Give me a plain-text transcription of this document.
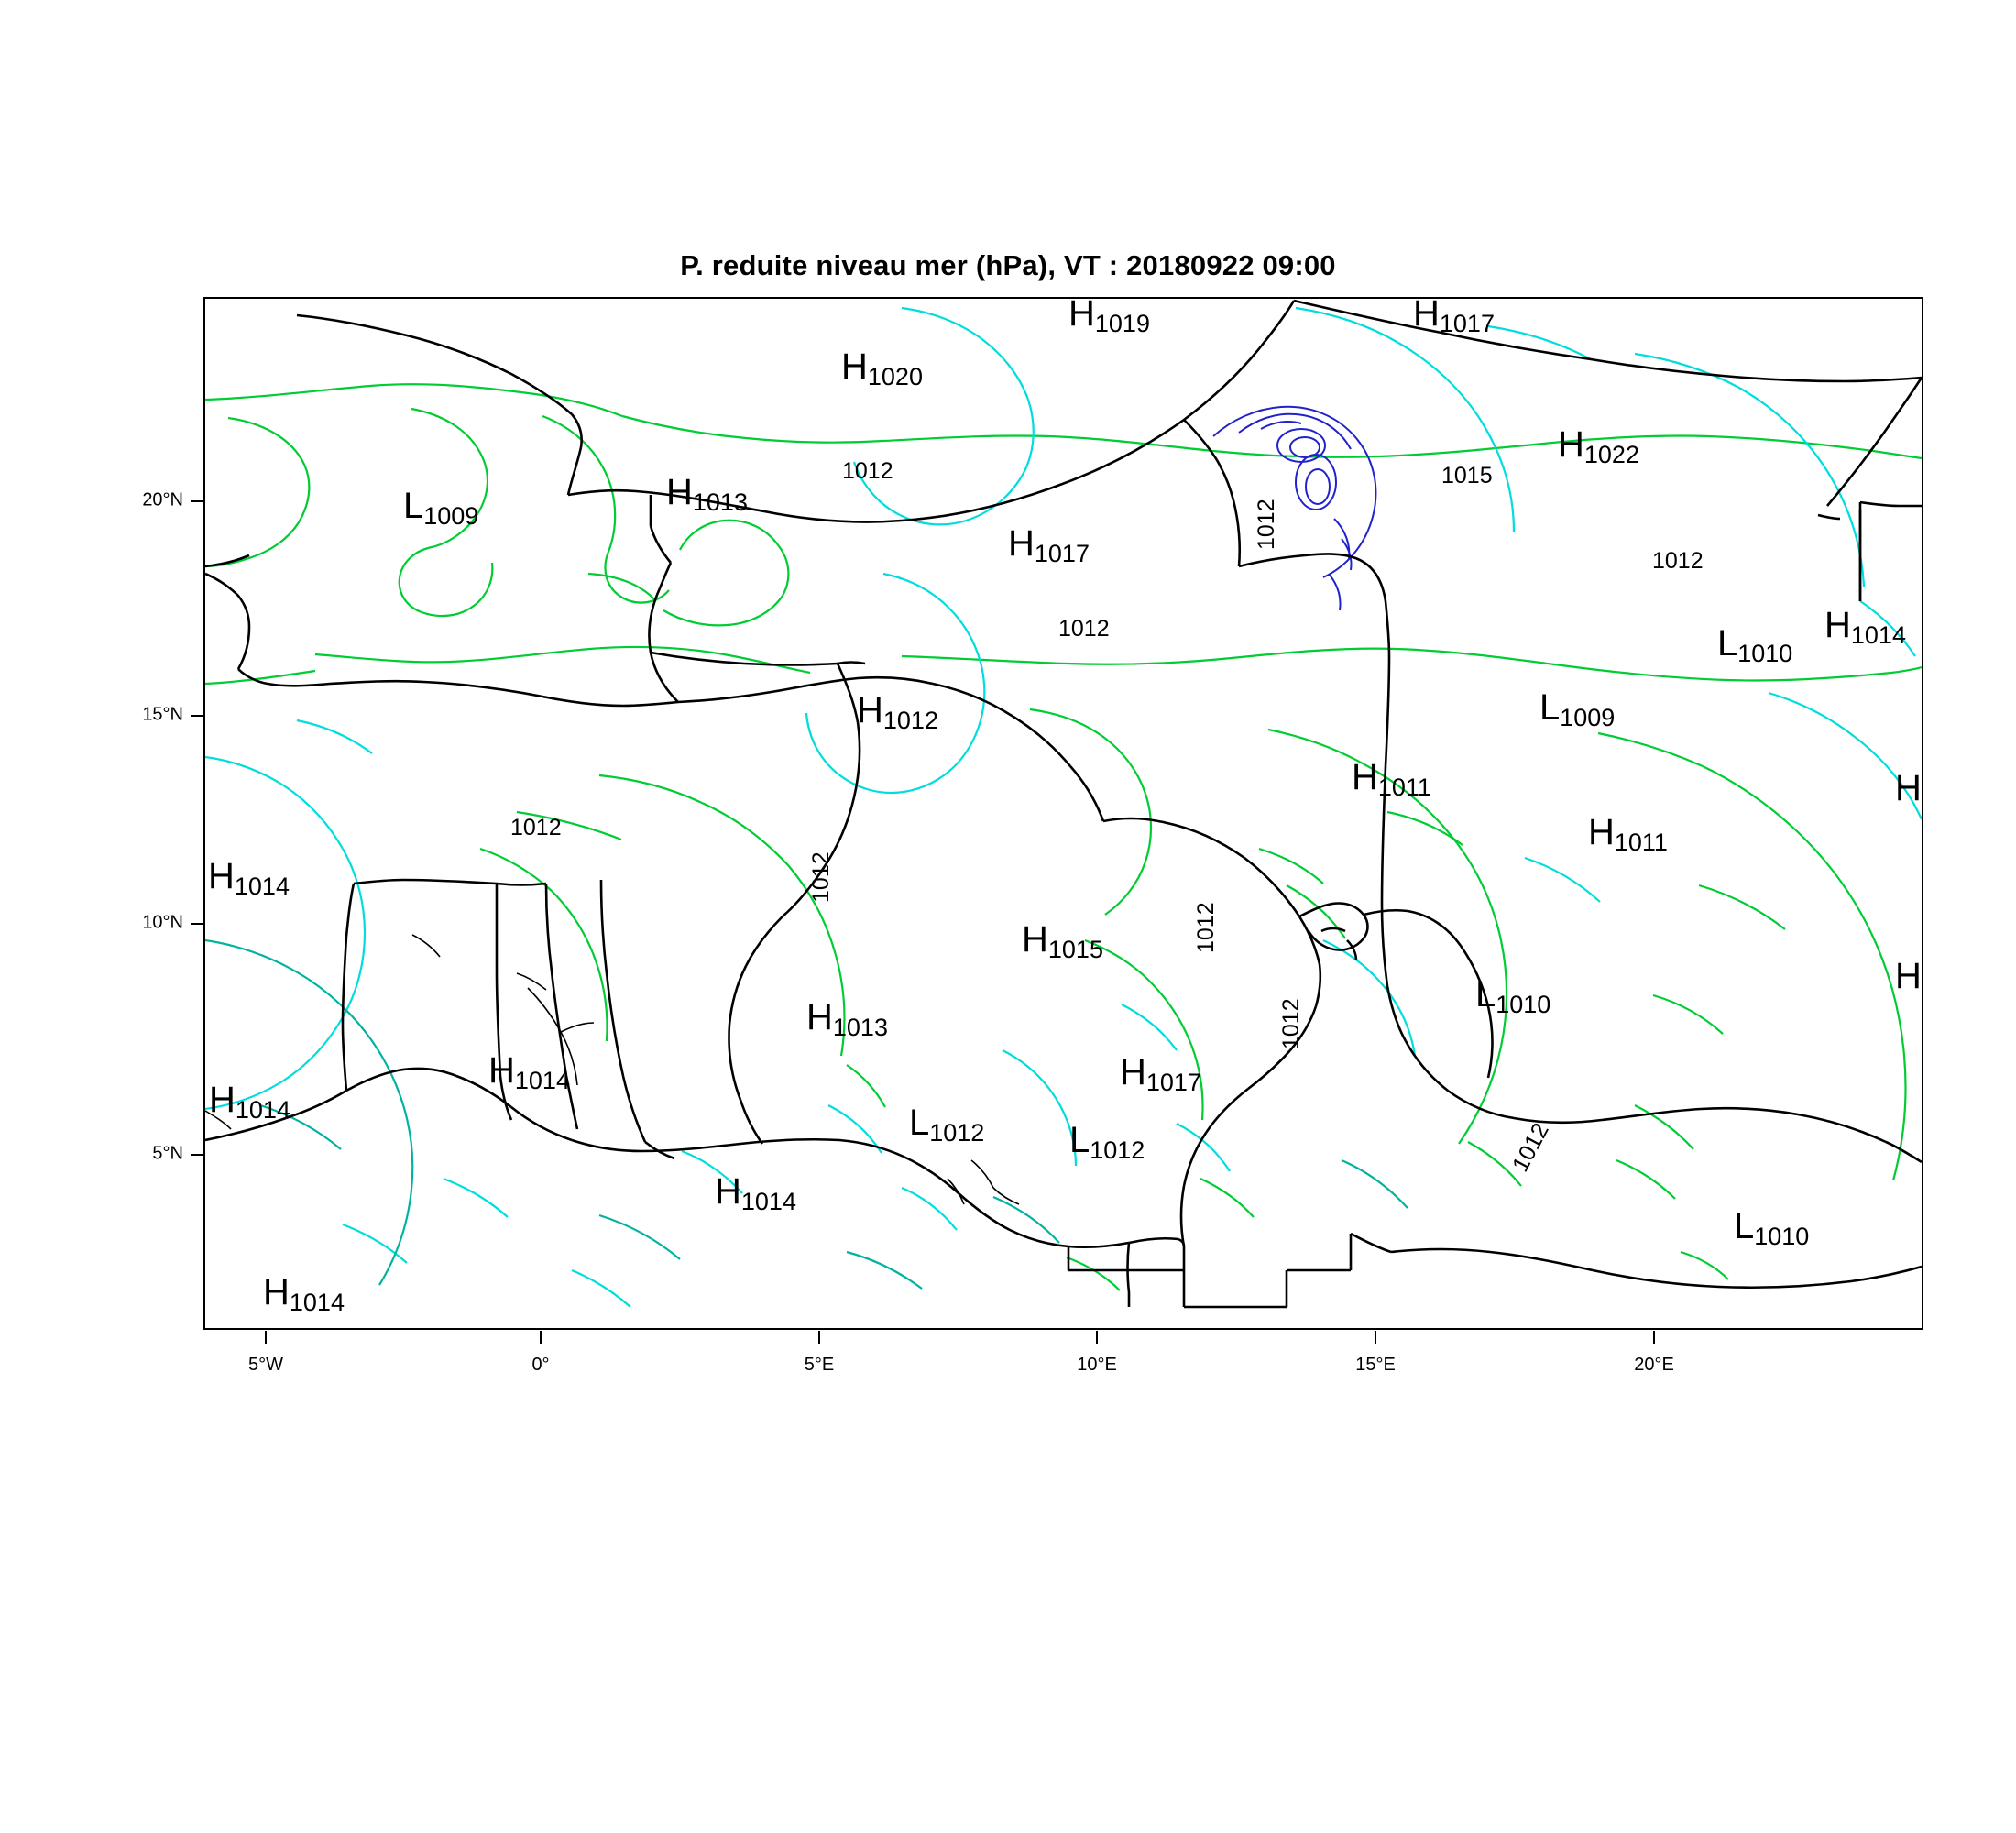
P. reduite niveau mer (hPa), VT : 20180922 09:00
20°N
15°N
10°N
5°N
5°W	0°	5°E	10°E	15°E	20°E
H1019	H1017
H1020
H1022
L1009
H1013
H1017
L1010
H1014
L1009
H1012
H1011	H
H1011
H1014
H1015
L1010
H
H1013
H1017
H1014
H1014	L1012 L1012
H1014
L1010
H1014
1012	1015
1012
1012
1012
1012
1012
1012
1012
1012
